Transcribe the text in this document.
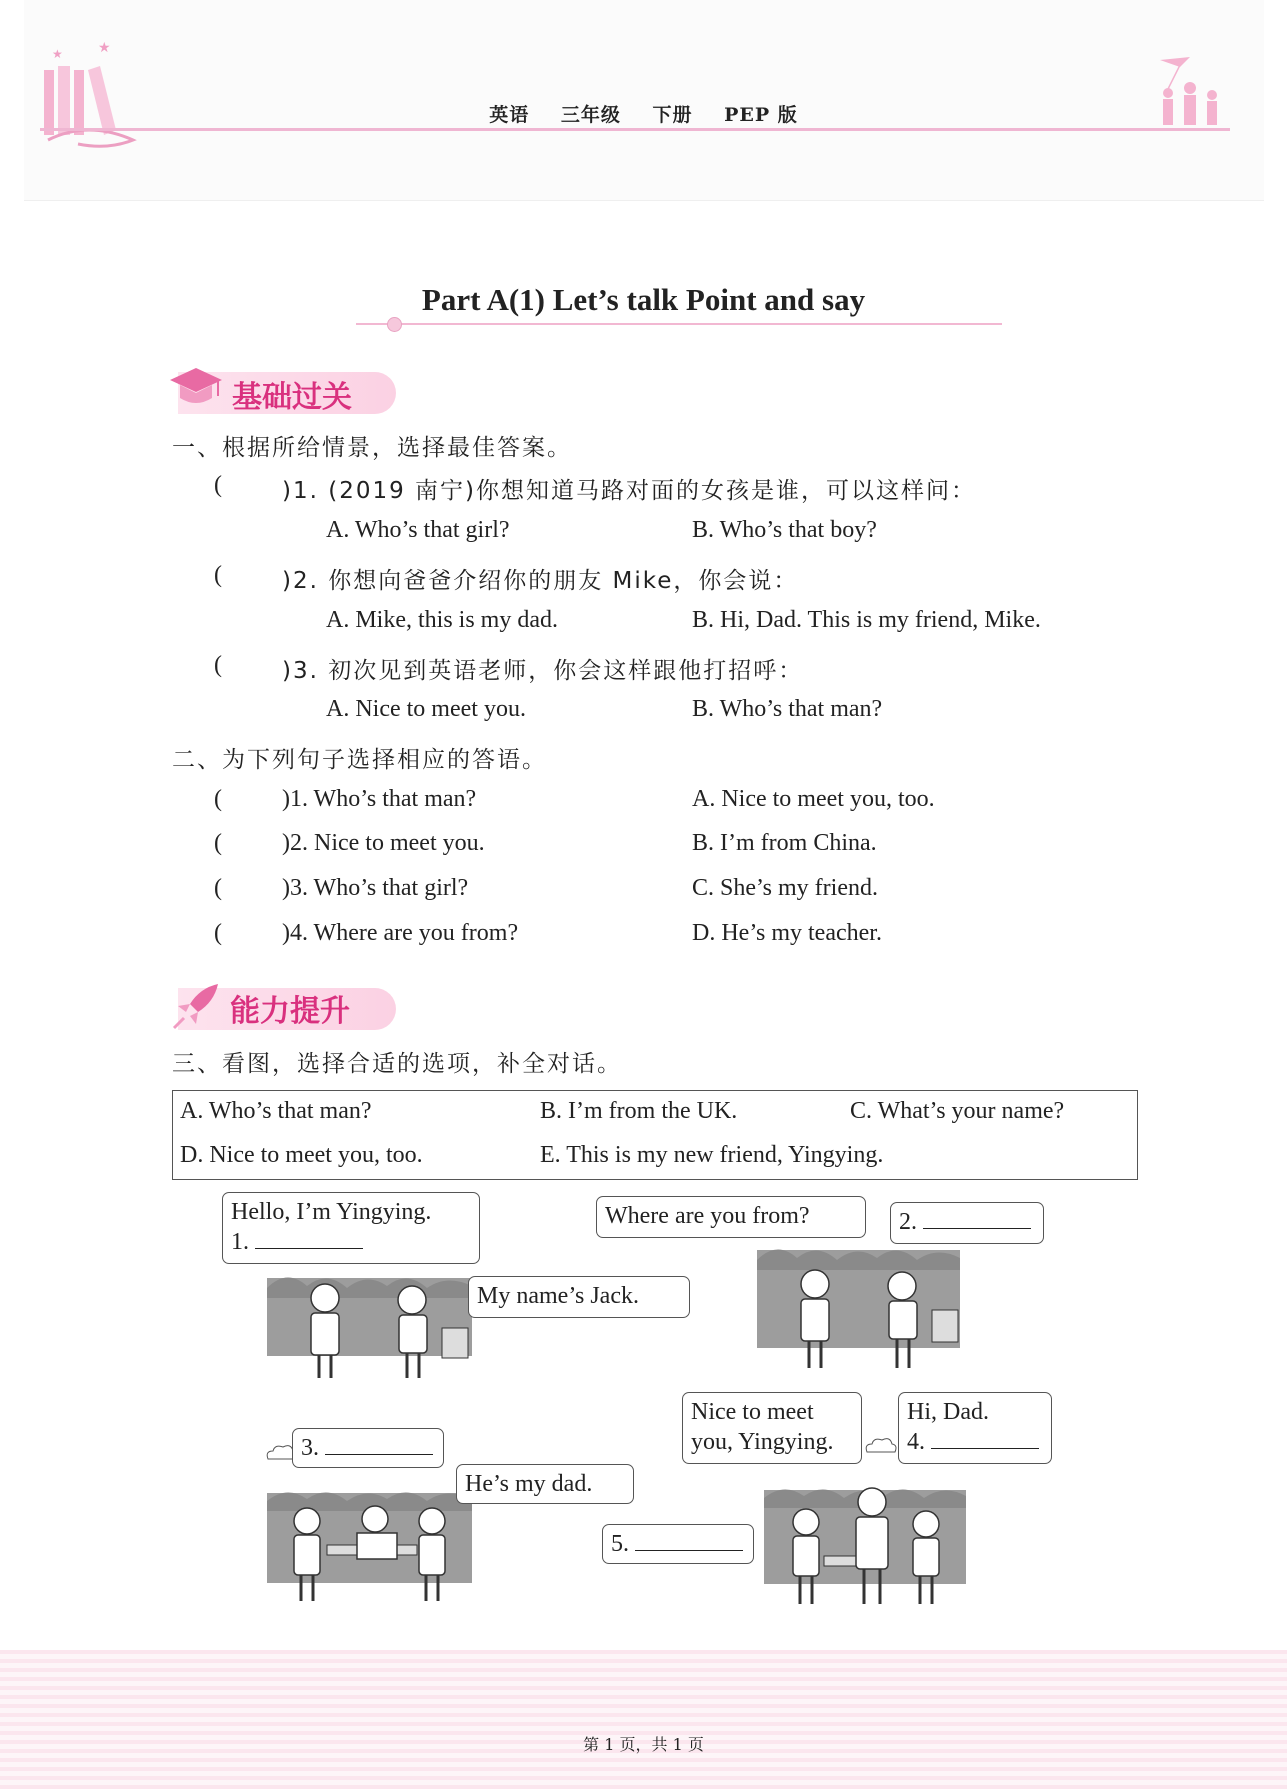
★
★
英语 三年级 下册 PEP 版
Part A(1) Let’s talk Point and say
基础过关
一、根据所给情景，选择最佳答案。
(	)1. (2019 南宁)你想知道马路对面的女孩是谁，可以这样问：
A. Who’s that girl?	B. Who’s that boy?
(	)2. 你想向爸爸介绍你的朋友 Mike，你会说：
A. Mike, this is my dad.	B. Hi, Dad. This is my friend, Mike.
(	)3. 初次见到英语老师，你会这样跟他打招呼：
A. Nice to meet you.	B. Who’s that man?
二、为下列句子选择相应的答语。
(	)1. Who’s that man?	A. Nice to meet you, too.
(	)2. Nice to meet you.	B. I’m from China.
(	)3. Who’s that girl?	C. She’s my friend.
(	)4. Where are you from?	D. He’s my teacher.
能力提升
三、看图，选择合适的选项，补全对话。
A. Who’s that man?	B. I’m from the UK.	C. What’s your name?
D. Nice to meet you, too.	E. This is my new friend, Yingying.
Hello, I’m Yingying.
1.
My name’s Jack.
Where are you from?	2.
3.
He’s my dad.
Nice to meet
you, Yingying.
Hi, Dad.
4.
5.
第 1 页，共 1 页
